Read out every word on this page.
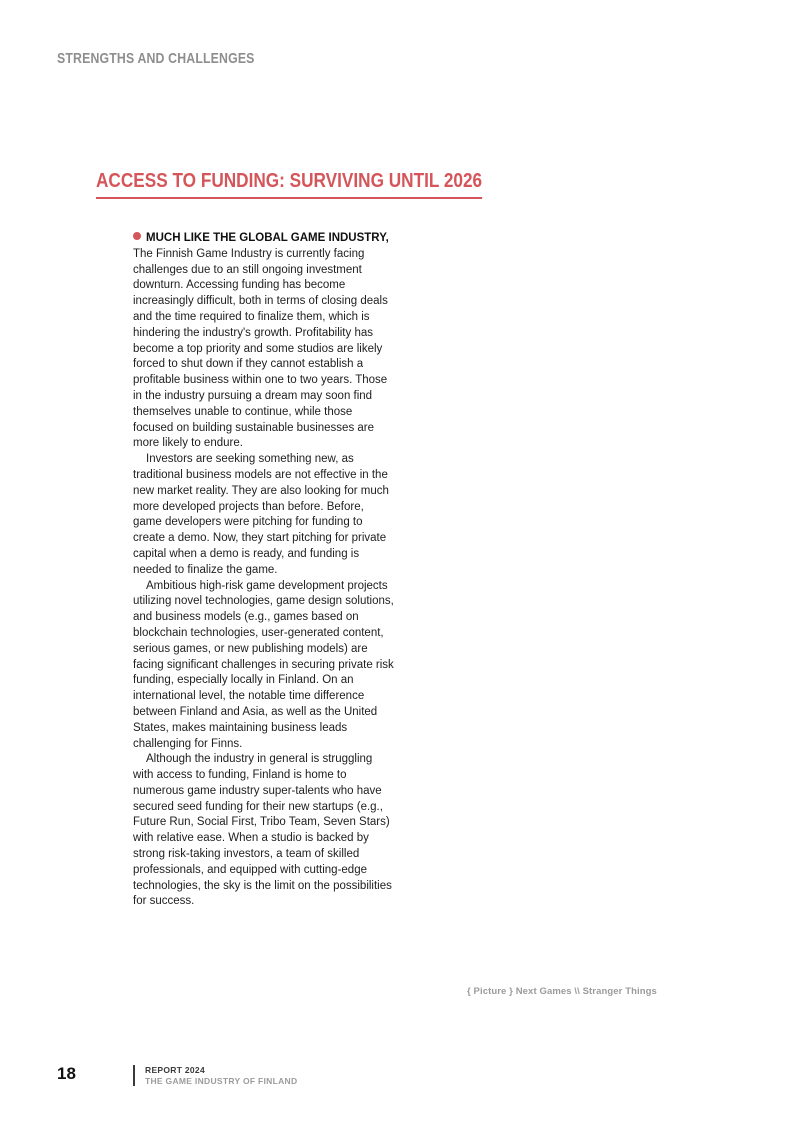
STRENGTHS AND CHALLENGES
ACCESS TO FUNDING: SURVIVING UNTIL 2026

MUCH LIKE THE GLOBAL GAME INDUSTRY, The Finnish Game Industry is currently facing challenges due to an still ongoing investment downturn. Accessing funding has become increasingly difficult, both in terms of closing deals and the time required to finalize them, which is hindering the industry's growth. Profitability has become a top priority and some studios are likely forced to shut down if they cannot establish a profitable business within one to two years. Those in the industry pursuing a dream may soon find themselves unable to continue, while those focused on building sustainable businesses are more likely to endure.

Investors are seeking something new, as traditional business models are not effective in the new market reality. They are also looking for much more developed projects than before. Before, game developers were pitching for funding to create a demo. Now, they start pitching for private capital when a demo is ready, and funding is needed to finalize the game.

Ambitious high-risk game development projects utilizing novel technologies, game design solutions, and business models (e.g., games based on blockchain technologies, user-generated content, serious games, or new publishing models) are facing significant challenges in securing private risk funding, especially locally in Finland. On an international level, the notable time difference between Finland and Asia, as well as the United States, makes maintaining business leads challenging for Finns.

Although the industry in general is struggling with access to funding, Finland is home to numerous game industry super-talents who have secured seed funding for their new startups (e.g., Future Run, Social First, Tribo Team, Seven Stars) with relative ease. When a studio is backed by strong risk-taking investors, a team of skilled professionals, and equipped with cutting-edge technologies, the sky is the limit on the possibilities for success.

{ Picture } Next Games \\ Stranger Things
18	REPORT 2024
THE GAME INDUSTRY OF FINLAND
